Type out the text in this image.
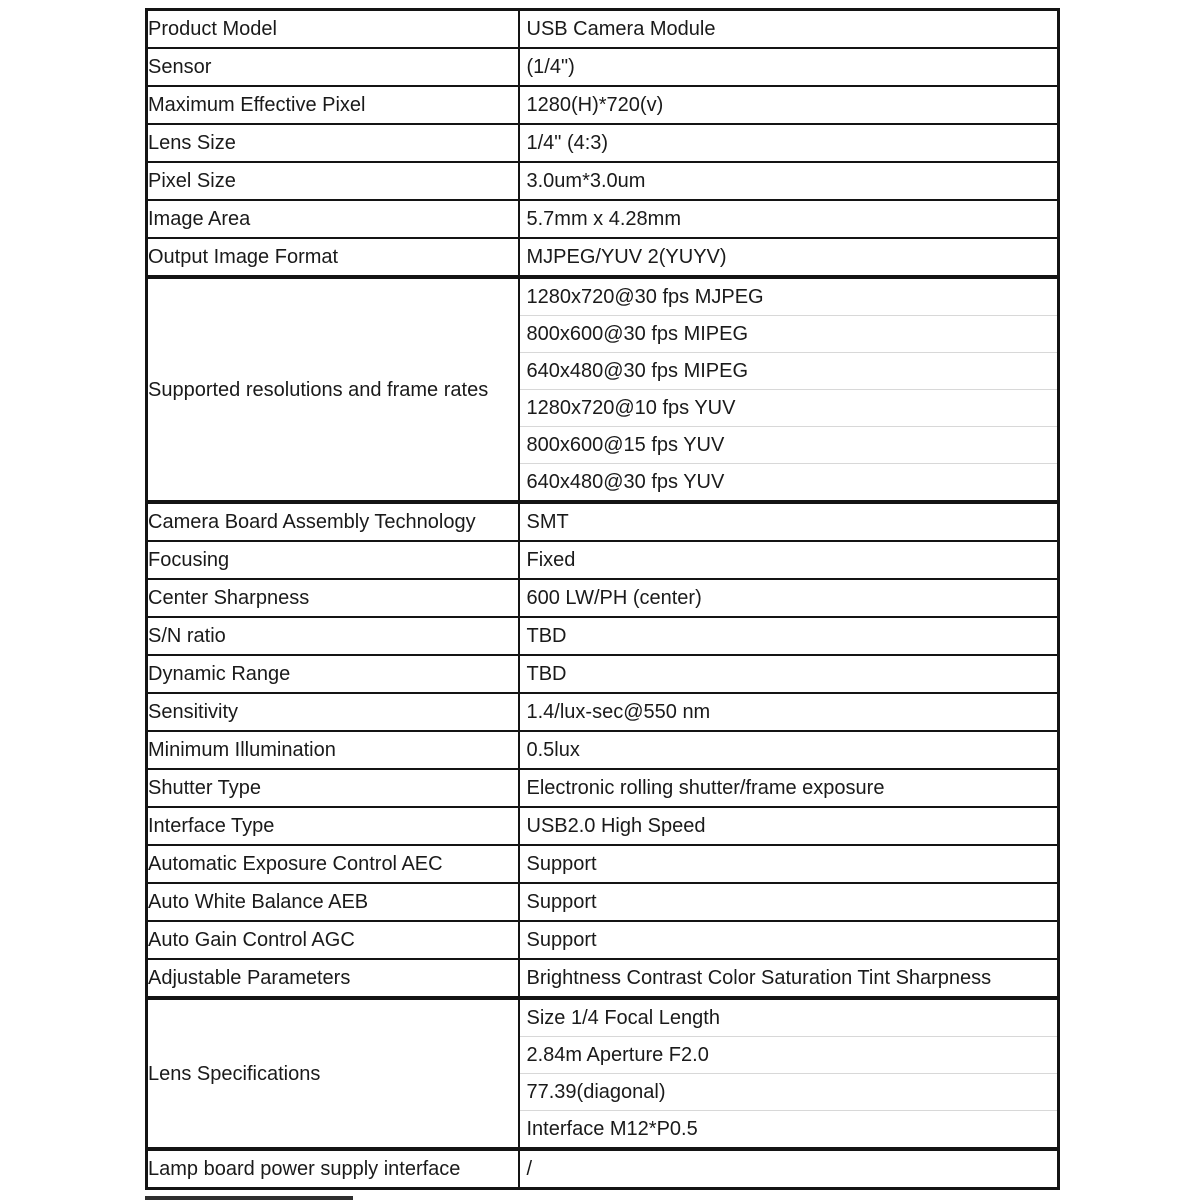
Product Model	USB Camera Module

Sensor	(1/4")

Maximum Effective Pixel	1280(H)*720(v)

Lens Size	1/4" (4:3)

Pixel Size	3.0um*3.0um

Image Area	5.7mm x 4.28mm

Output Image Format	MJPEG/YUV 2(YUYV)

Supported resolutions and frame rates	
1280x720@30 fps MJPEG
800x600@30 fps MIPEG
640x480@30 fps MIPEG
1280x720@10 fps YUV
800x600@15 fps YUV
640x480@30 fps YUV

Camera Board Assembly Technology	SMT

Focusing	Fixed

Center Sharpness	600 LW/PH (center)

S/N ratio	TBD

Dynamic Range	TBD

Sensitivity	1.4/lux-sec@550 nm

Minimum Illumination	0.5lux

Shutter Type	Electronic rolling shutter/frame exposure

Interface Type	USB2.0 High Speed

Automatic Exposure Control AEC	Support

Auto White Balance AEB	Support

Auto Gain Control AGC	Support

Adjustable Parameters	Brightness Contrast Color Saturation Tint Sharpness

Lens Specifications	Size 1/4 Focal Length
2.84m Aperture F2.0
77.39(diagonal)
Interface M12*P0.5

Lamp board power supply interface	/
